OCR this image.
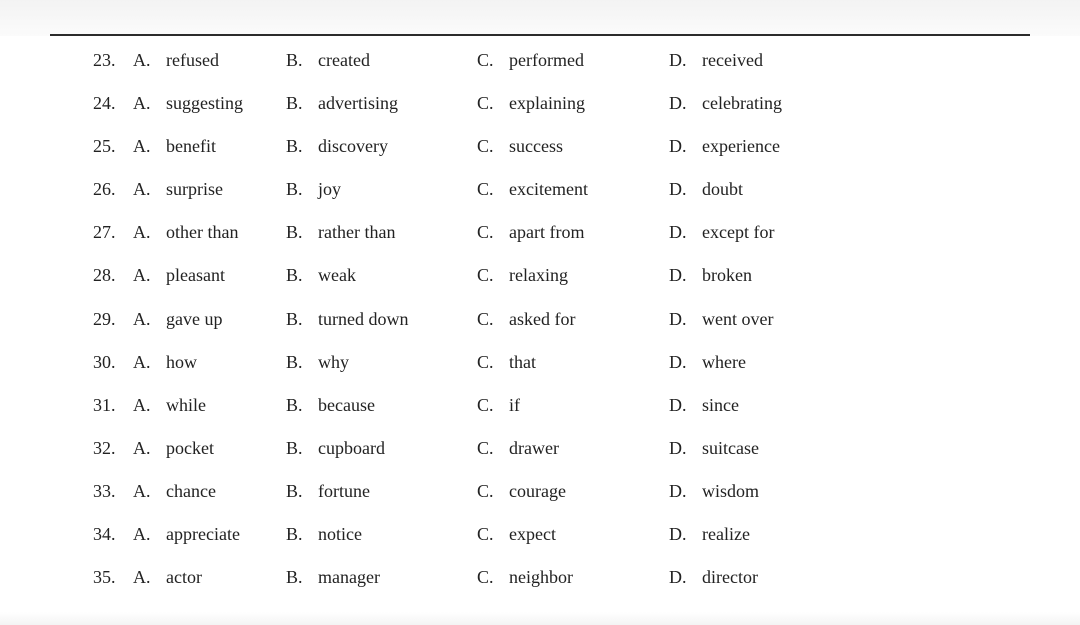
23. A. refused	B. created	C. performed	D. received
24. A. suggesting B. advertising	C. explaining	D. celebrating
25. A. benefit	B. discovery	C. success	D. experience
26. A. surprise	B. joy	C. excitement	D. doubt
27. A. other than	B. rather than	C. apart from	D. except for
28. A. pleasant	B. weak	C. relaxing	D. broken
29. A. gave up	B. turned down	C. asked for	D. went over
30. A. how	B. why	C. that	D. where
31. A. while	B. because	C. if	D. since
32. A. pocket	B. cupboard	C. drawer	D. suitcase
33. A. chance	B. fortune	C. courage	D. wisdom
34. A. appreciate	B. notice	C. expect	D. realize
35. A. actor	B. manager	C. neighbor	D. director
